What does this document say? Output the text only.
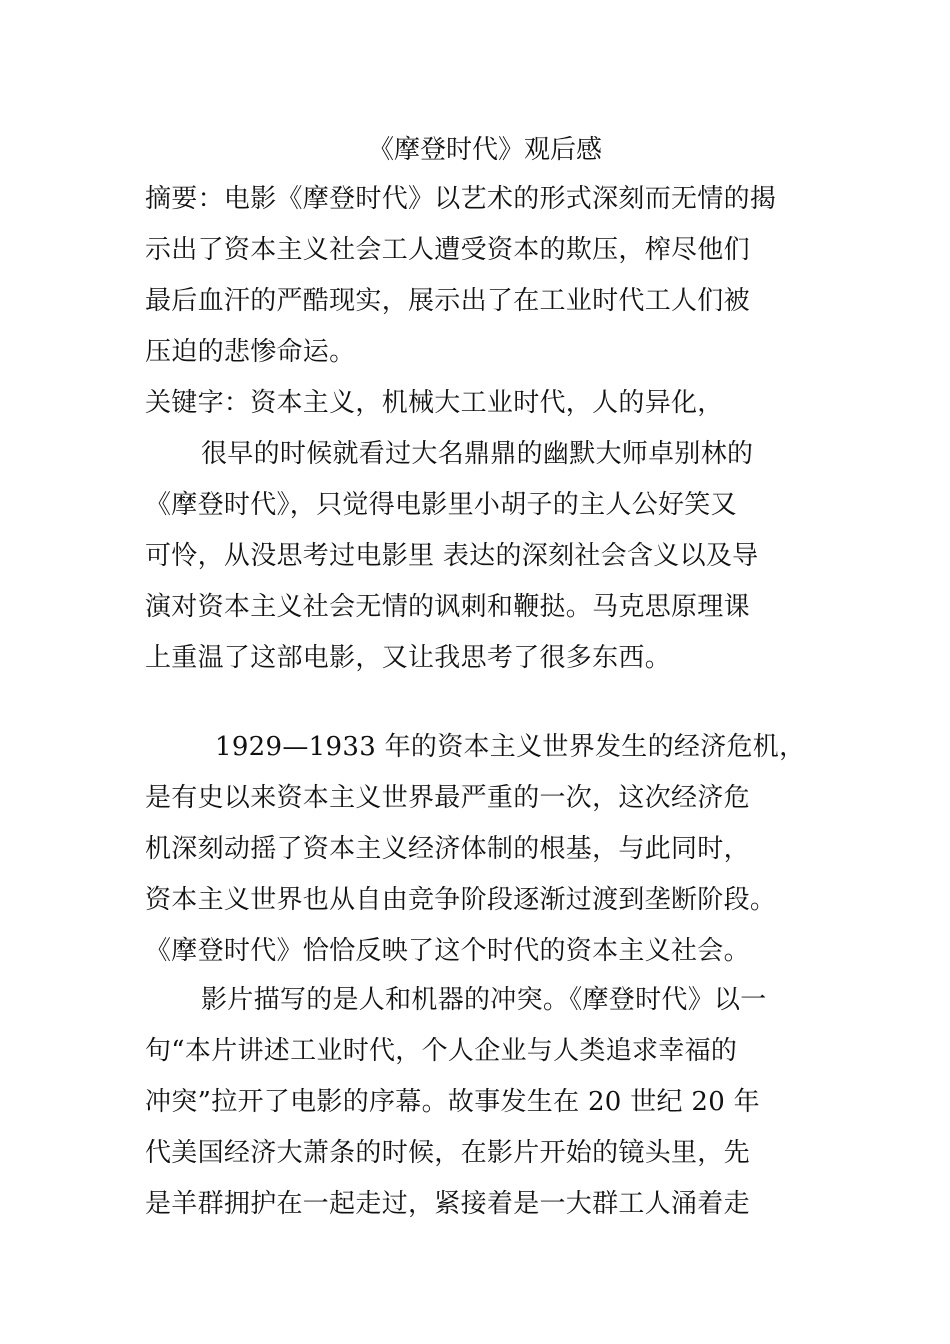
《摩登时代》观后感
摘要：电影《摩登时代》以艺术的形式深刻而无情的揭
示出了资本主义社会工人遭受资本的欺压，榨尽他们
最后血汗的严酷现实，展示出了在工业时代工人们被
压迫的悲惨命运。
关键字：资本主义，机械大工业时代，人的异化，
很早的时候就看过大名鼎鼎的幽默大师卓别林的
《摩登时代》，只觉得电影里小胡子的主人公好笑又
可怜，从没思考过电影里 表达的深刻社会含义以及导
演对资本主义社会无情的讽刺和鞭挞。马克思原理课
上重温了这部电影，又让我思考了很多东西。
1929—1933 年的资本主义世界发生的经济危机，
是有史以来资本主义世界最严重的一次，这次经济危
机深刻动摇了资本主义经济体制的根基，与此同时，
资本主义世界也从自由竞争阶段逐渐过渡到垄断阶段。
《摩登时代》恰恰反映了这个时代的资本主义社会。
影片描写的是人和机器的冲突。《摩登时代》以一
句“本片讲述工业时代，个人企业与人类追求幸福的
冲突”拉开了电影的序幕。故事发生在 20 世纪 20 年
代美国经济大萧条的时候，在影片开始的镜头里，先
是羊群拥护在一起走过，紧接着是一大群工人涌着走
